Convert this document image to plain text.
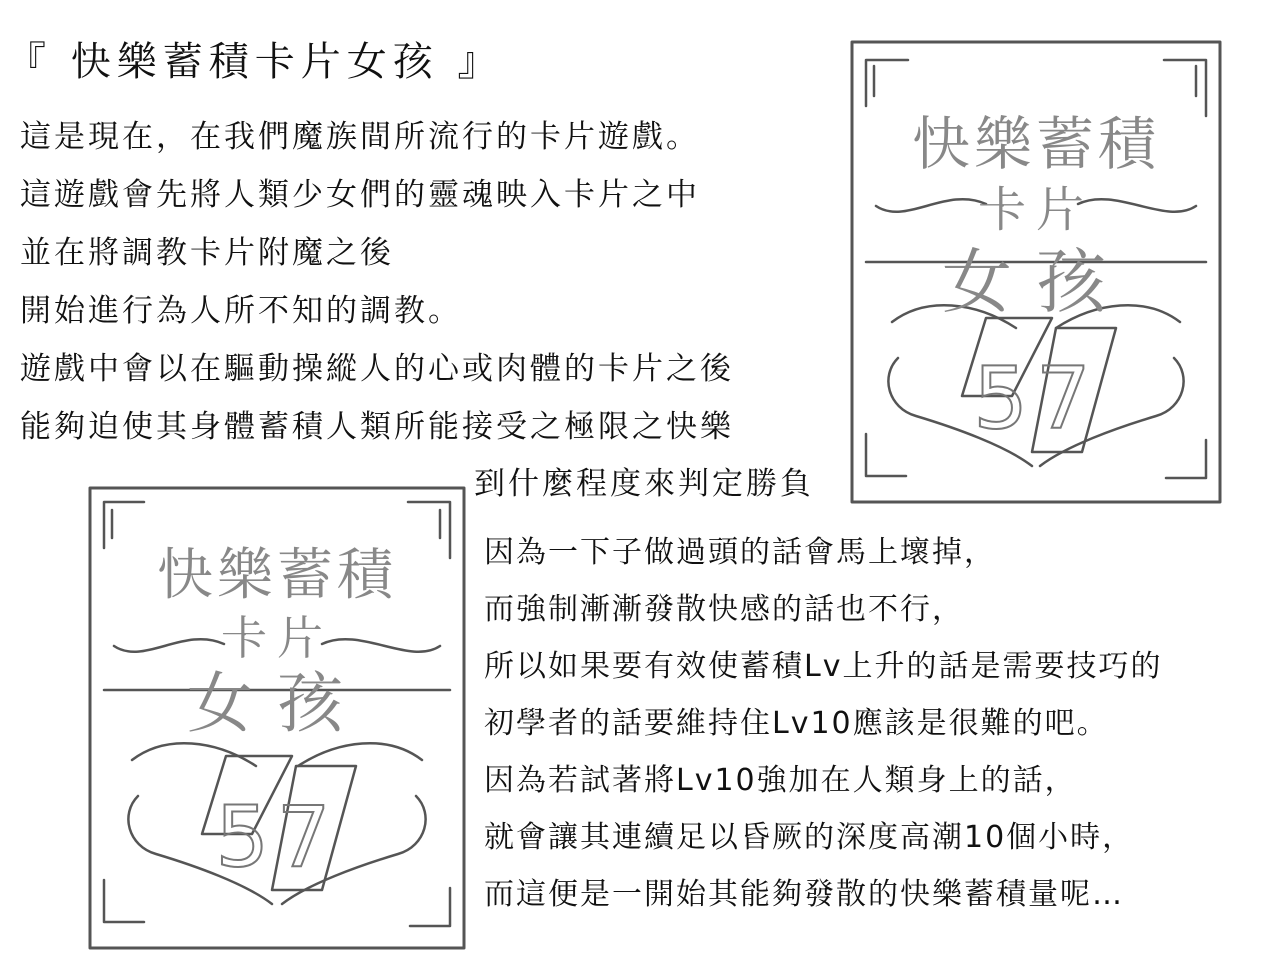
『 快樂蓄積卡片女孩 』
這是現在，在我們魔族間所流行的卡片遊戲。
這遊戲會先將人類少女們的靈魂映入卡片之中
並在將調教卡片附魔之後
開始進行為人所不知的調教。
遊戲中會以在驅動操縱人的心或肉體的卡片之後
能夠迫使其身體蓄積人類所能接受之極限之快樂
到什麼程度來判定勝負
因為一下子做過頭的話會馬上壞掉，
而強制漸漸發散快感的話也不行，
所以如果要有效使蓄積Lv上升的話是需要技巧的
初學者的話要維持住Lv10應該是很難的吧。
因為若試著將Lv10強加在人類身上的話，
就會讓其連續足以昏厥的深度高潮10個小時，
而這便是一開始其能夠發散的快樂蓄積量呢…
快樂蓄積
卡片
女孩
57
快樂蓄積
卡片
女孩
57
